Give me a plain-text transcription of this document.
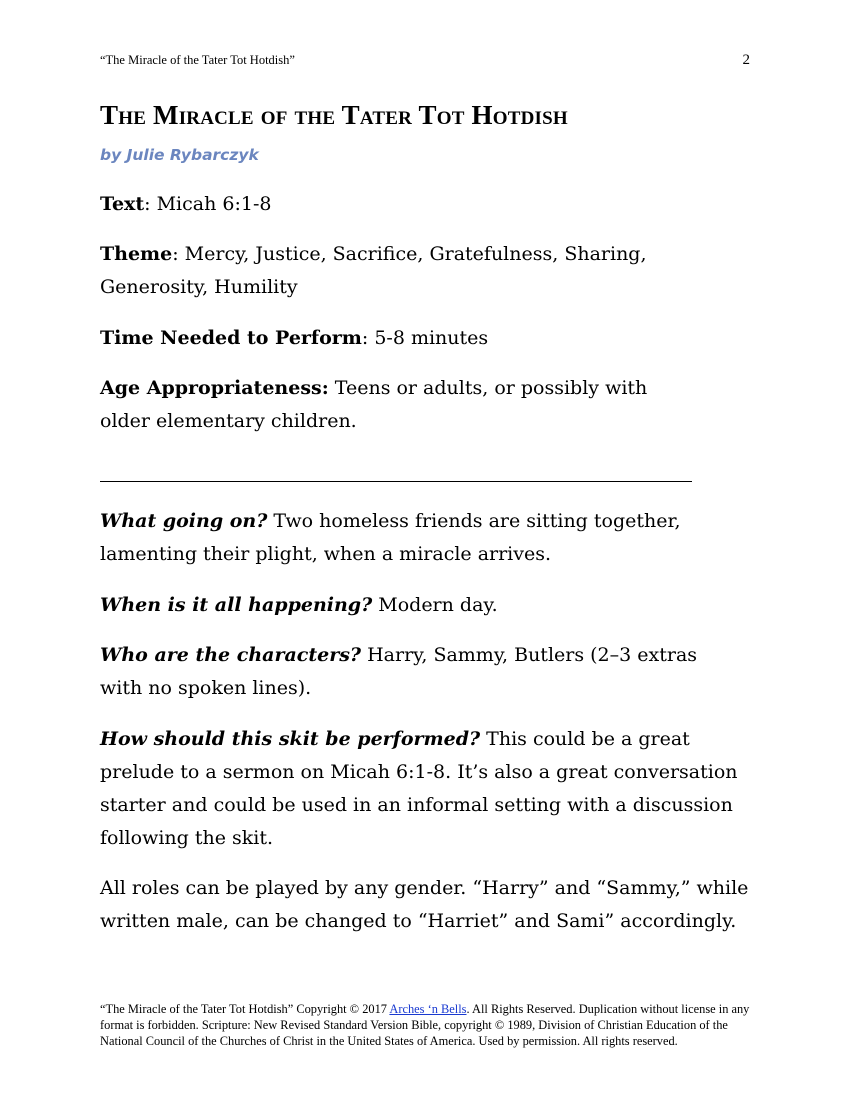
“The Miracle of the Tater Tot Hotdish”	2
The Miracle of the Tater Tot Hotdish
by Julie Rybarczyk

Text: Micah 6:1-8

Theme: Mercy, Justice, Sacrifice, Gratefulness, Sharing, Generosity, Humility

Time Needed to Perform: 5-8 minutes

Age Appropriateness: Teens or adults, or possibly with older elementary children.

What going on? Two homeless friends are sitting together, lamenting their plight, when a miracle arrives.

When is it all happening? Modern day.

Who are the characters? Harry, Sammy, Butlers (2–3 extras with no spoken lines).

How should this skit be performed? This could be a great prelude to a sermon on Micah 6:1-8. It’s also a great conversation starter and could be used in an informal setting with a discussion following the skit.

All roles can be played by any gender. “Harry” and “Sammy,” while written male, can be changed to “Harriet” and Sami” accordingly.

“The Miracle of the Tater Tot Hotdish” Copyright © 2017 Arches ‘n Bells. All Rights Reserved. Duplication without license in any format is forbidden. Scripture: New Revised Standard Version Bible, copyright © 1989, Division of Christian Education of the National Council of the Churches of Christ in the United States of America. Used by permission. All rights reserved.
